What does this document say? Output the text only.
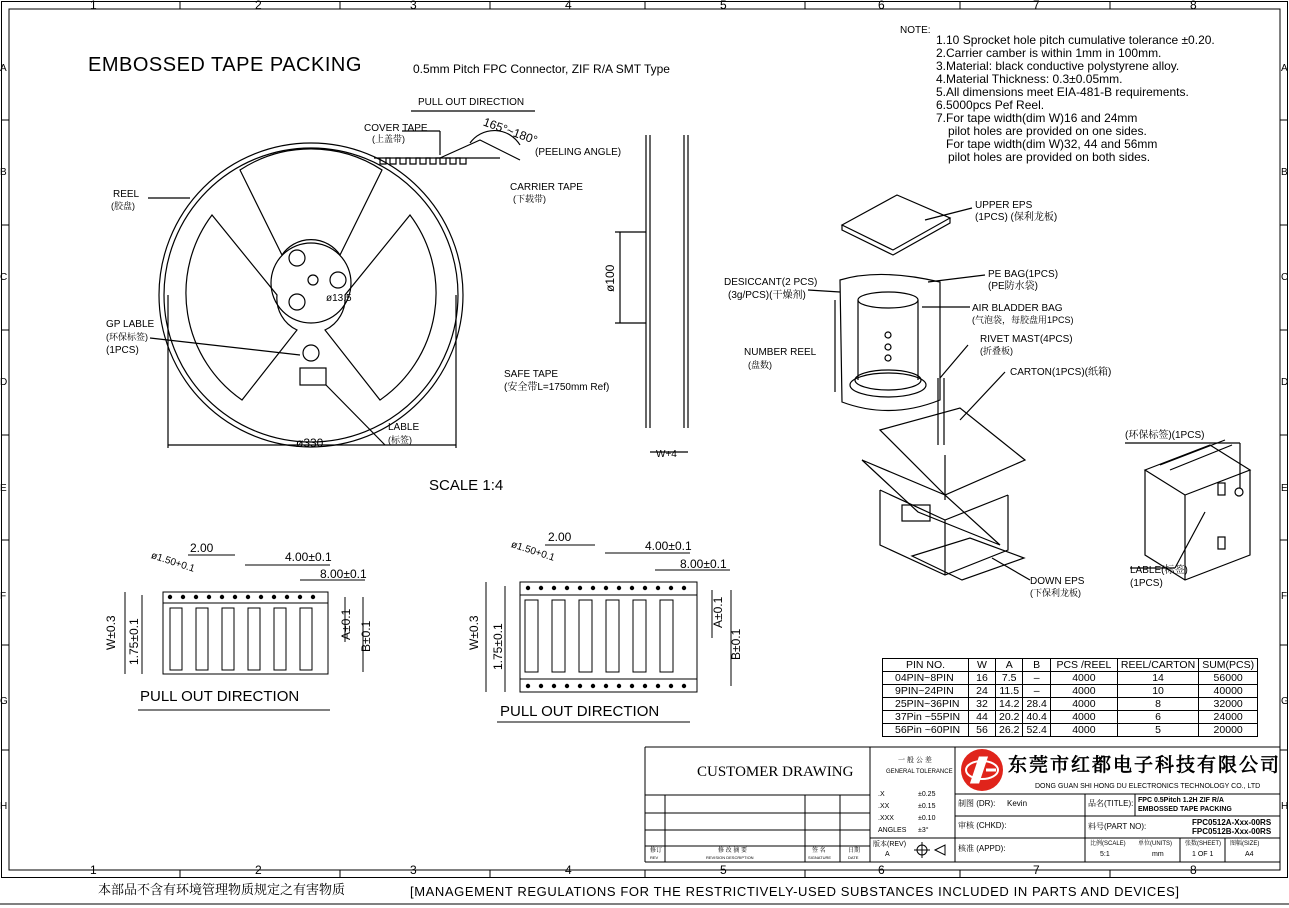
1	2	3	4	5	6	7	8
1	2	3	4	5	6	7	8
A
B
C
D
E
F
G
H
A
B
C
D
E
F
G
H
EMBOSSED TAPE PACKING	0.5mm Pitch FPC Connector, ZIF R/A SMT Type
PULL OUT DIRECTION
COVER TAPE
(上盖带)	165°~180°
(PEELING ANGLE)
CARRIER TAPE
(下载带)
REEL
(胶盘)
GP LABLE
(环保标签)
(1PCS)
ø13.5
LABLE
(标签)
ø330
ø100
SAFE TAPE
(安全带L=1750mm Ref)
W+4
SCALE 1:4
NOTE:
1.10 Sprocket hole pitch cumulative tolerance ±0.20.
2.Carrier camber is within 1mm in 100mm.
3.Material: black conductive polystyrene alloy.
4.Material Thickness: 0.3±0.05mm.
5.All dimensions meet EIA-481-B requirements.
6.5000pcs Pef Reel.
7.For tape width(dim W)16 and 24mm
pilot holes are provided on one sides.
For tape width(dim W)32, 44 and 56mm
pilot holes are provided on both sides.
UPPER EPS
(1PCS) (保利龙板)
DESICCANT(2 PCS)
(3g/PCS)(干燥剂)
PE BAG(1PCS)
(PE防水袋)
AIR BLADDER BAG
(气泡袋，每胶盘用1PCS)
RIVET MAST(4PCS)
(折叠板)
NUMBER REEL
(盘数)
CARTON(1PCS)(纸箱)
DOWN EPS
(下保利龙板)
(环保标签)(1PCS)
LABLE(标签)
(1PCS)
2.00
ø1.50+0.1	4.00±0.1
8.00±0.1
W±0.3 1.75±0.1	A±0.1 B±0.1
PULL OUT DIRECTION
2.00
ø1.50+0.1	4.00±0.1
8.00±0.1
W±0.3 1.75±0.1
A±0.1
B±0.1
PULL OUT DIRECTION
PIN NO.	W	A	B	PCS /REEL	REEL/CARTON	SUM(PCS)
04PIN~8PIN	16	7.5	–	4000	14	56000
9PIN~24PIN	24	11.5	–	4000	10	40000
25PIN~36PIN	32	14.2	28.4	4000	8	32000
37Pin ~55PIN	44	20.2	40.4	4000	6	24000
56Pin ~60PIN	56	26.2	52.4	4000	5	20000
CUSTOMER DRAWING
一 般 公 差
GENERAL TOLERANCE
.X	±0.25
.XX	±0.15
.XXX	±0.10
ANGLES ±3°
版本(REV)
A
东莞市红都电子科技有限公司
DONG GUAN SHI HONG DU ELECTRONICS TECHNOLOGY CO., LTD
制图 (DR): Kevin
审核 (CHKD):
核准 (APPD):
品名(TITLE): FPC 0.5Pitch 1.2H ZIF R/A
EMBOSSED TAPE PACKING
料号(PART NO):	FPC0512A-Xxx-00RS
FPC0512B-Xxx-00RS
比例(SCALE)
5:1
单位(UNITS)
mm
张数(SHEET)
1 OF 1
图幅(SIZE)
A4
修订	修 改 摘 要	签 名	日期
REV	REVISION DESCRIPTION	SIGNATURE	DATE
本部品不含有环境管理物质规定之有害物质	[MANAGEMENT REGULATIONS FOR THE RESTRICTIVELY-USED SUBSTANCES INCLUDED IN PARTS AND DEVICES]
